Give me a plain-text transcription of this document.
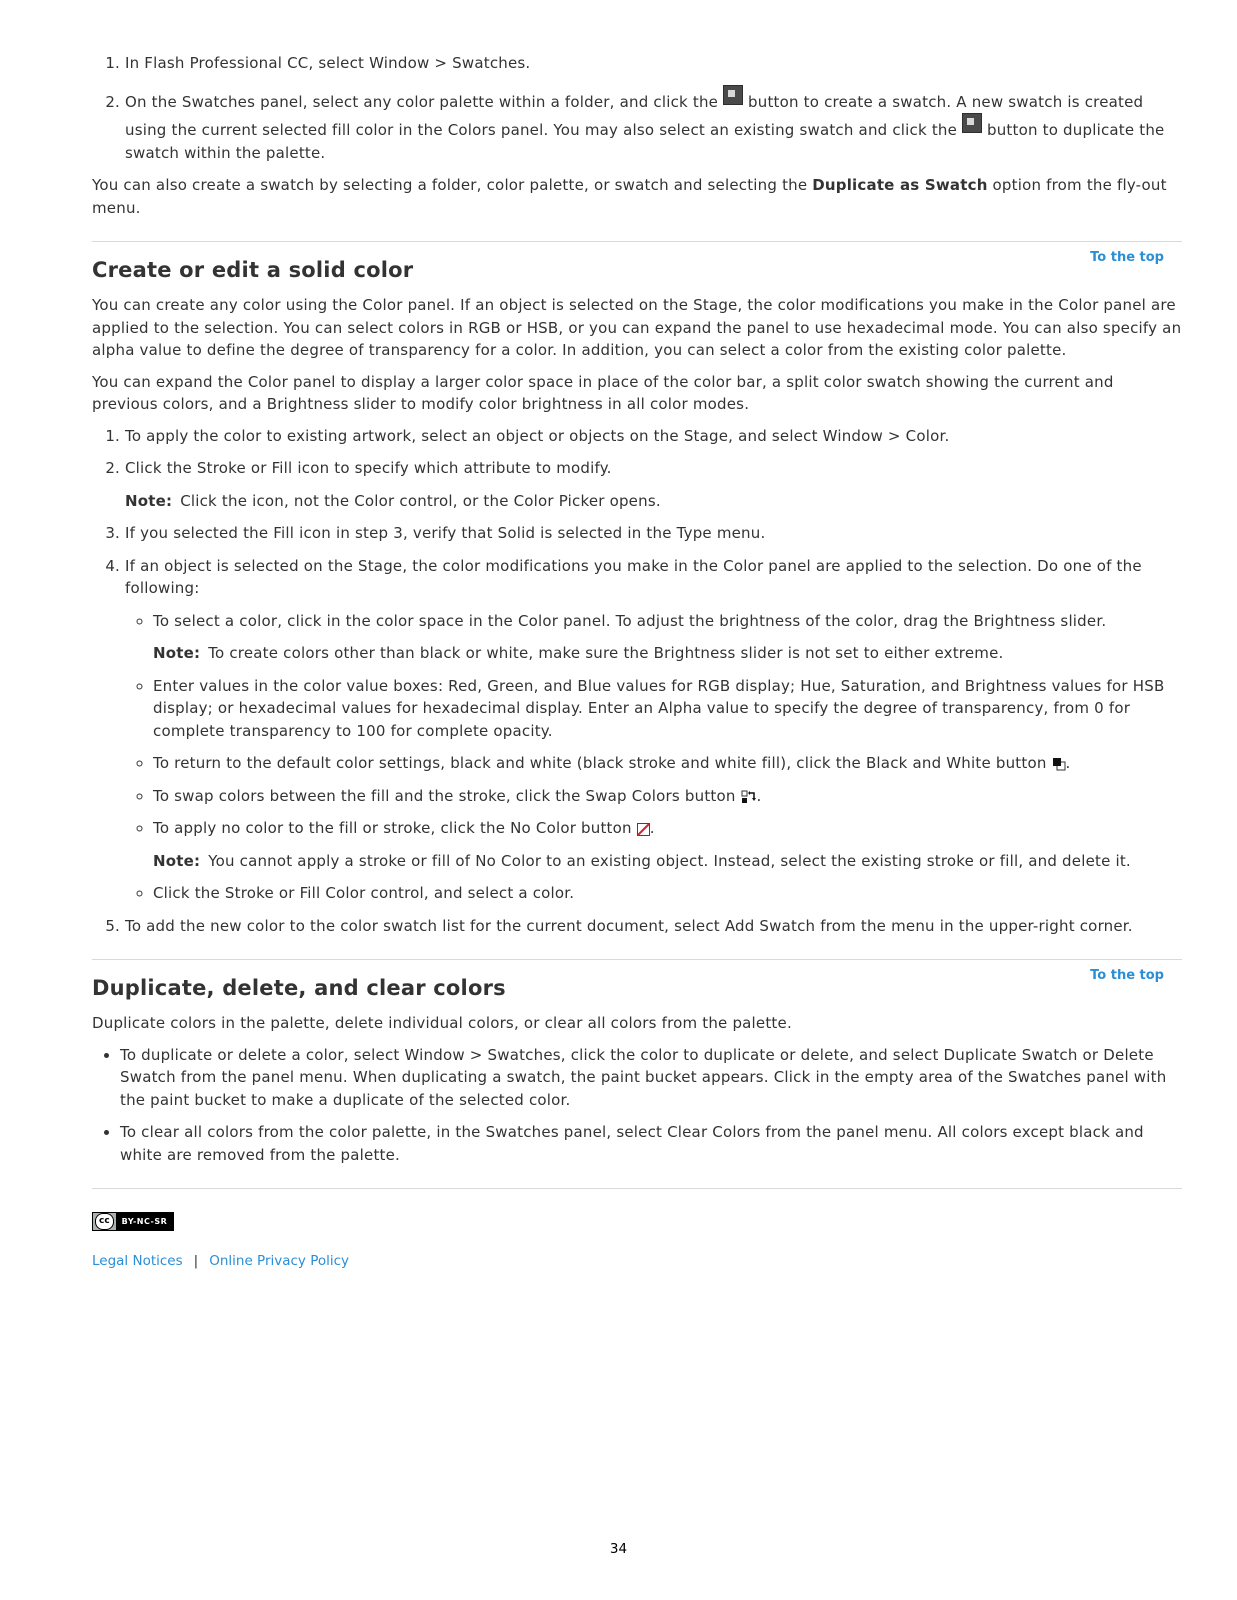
1. In Flash Professional CC, select Window > Swatches.
2. On the Swatches panel, select any color palette within a folder, and click the  button to create a swatch. A new swatch is created using the current selected fill color in the Colors panel. You may also select an existing swatch and click the  button to duplicate the swatch within the palette.

You can also create a swatch by selecting a folder, color palette, or swatch and selecting the Duplicate as Swatch option from the fly-out menu.

Create or edit a solid color
To the top

You can create any color using the Color panel. If an object is selected on the Stage, the color modifications you make in the Color panel are applied to the selection. You can select colors in RGB or HSB, or you can expand the panel to use hexadecimal mode. You can also specify an alpha value to define the degree of transparency for a color. In addition, you can select a color from the existing color palette.

You can expand the Color panel to display a larger color space in place of the color bar, a split color swatch showing the current and previous colors, and a Brightness slider to modify color brightness in all color modes.

1. To apply the color to existing artwork, select an object or objects on the Stage, and select Window > Color.
2. Click the Stroke or Fill icon to specify which attribute to modify.
Note: Click the icon, not the Color control, or the Color Picker opens.
3. If you selected the Fill icon in step 3, verify that Solid is selected in the Type menu.
4. If an object is selected on the Stage, the color modifications you make in the Color panel are applied to the selection. Do one of the following:
◦ To select a color, click in the color space in the Color panel. To adjust the brightness of the color, drag the Brightness slider.
Note: To create colors other than black or white, make sure the Brightness slider is not set to either extreme.
◦ Enter values in the color value boxes: Red, Green, and Blue values for RGB display; Hue, Saturation, and Brightness values for HSB display; or hexadecimal values for hexadecimal display. Enter an Alpha value to specify the degree of transparency, from 0 for complete transparency to 100 for complete opacity.
◦ To return to the default color settings, black and white (black stroke and white fill), click the Black and White button .
◦ To swap colors between the fill and the stroke, click the Swap Colors button .
◦ To apply no color to the fill or stroke, click the No Color button .
Note: You cannot apply a stroke or fill of No Color to an existing object. Instead, select the existing stroke or fill, and delete it.
◦ Click the Stroke or Fill Color control, and select a color.
5. To add the new color to the color swatch list for the current document, select Add Swatch from the menu in the upper-right corner.
Duplicate, delete, and clear colors
To the top

Duplicate colors in the palette, delete individual colors, or clear all colors from the palette.

• To duplicate or delete a color, select Window > Swatches, click the color to duplicate or delete, and select Duplicate Swatch or Delete Swatch from the panel menu. When duplicating a swatch, the paint bucket appears. Click in the empty area of the Swatches panel with the paint bucket to make a duplicate of the selected color.
• To clear all colors from the color palette, in the Swatches panel, select Clear Colors from the panel menu. All colors except black and white are removed from the palette.
cc	BY-NC-SR
Legal Notices | Online Privacy Policy
34
